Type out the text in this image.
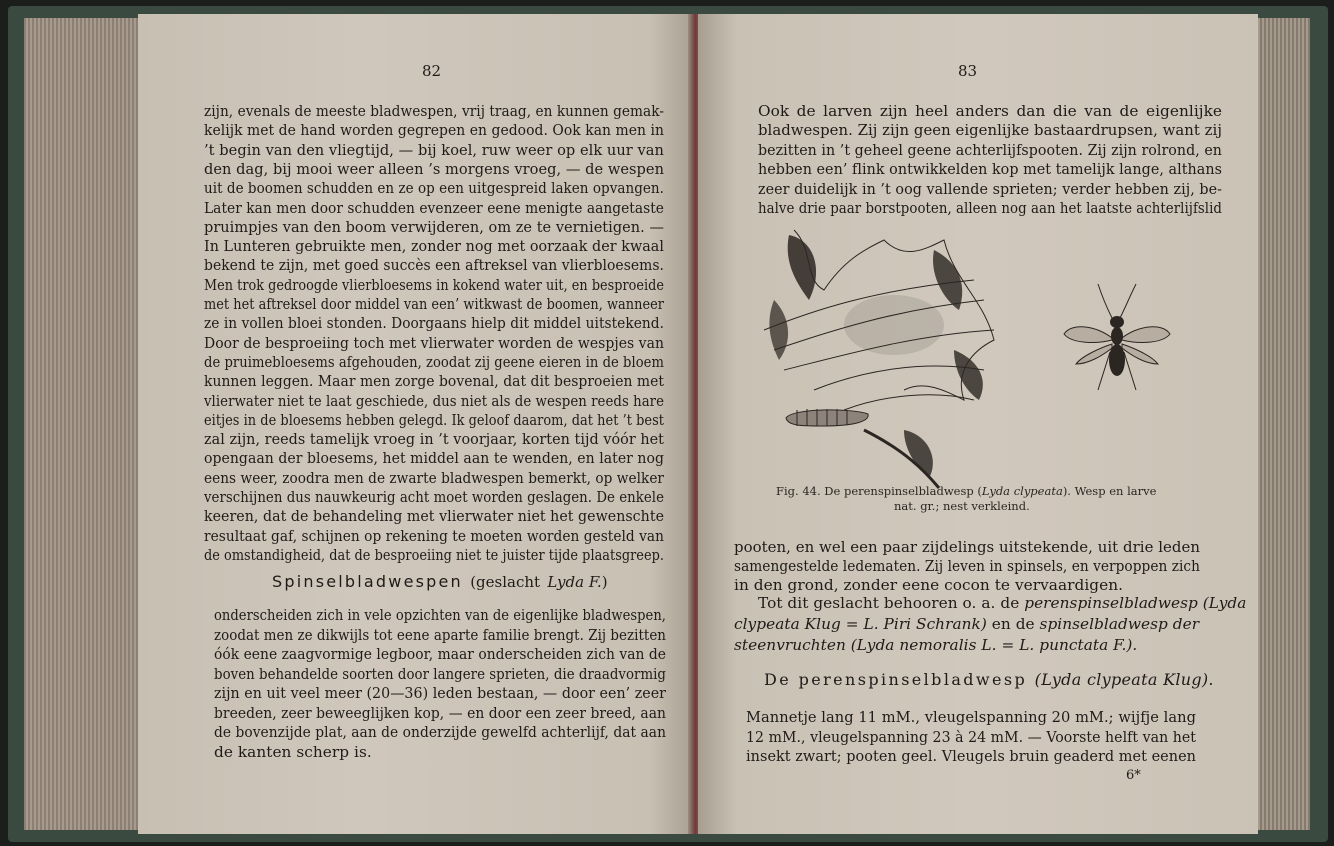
82
zijn, evenals de meeste bladwespen, vrij traag, en kunnen gemak-
kelijk met de hand worden gegrepen en gedood. Ook kan men in
’t begin van den vliegtijd, — bij koel, ruw weer op elk uur van
den dag, bij mooi weer alleen ’s morgens vroeg, — de wespen
uit de boomen schudden en ze op een uitgespreid laken opvangen.
Later kan men door schudden evenzeer eene menigte aangetaste
pruimpjes van den boom verwijderen, om ze te vernietigen. —
In Lunteren gebruikte men, zonder nog met oorzaak der kwaal
bekend te zijn, met goed succès een aftreksel van vlierbloesems.
Men trok gedroogde vlierbloesems in kokend water uit, en besproeide
met het aftreksel door middel van een’ witkwast de boomen, wanneer
ze in vollen bloei stonden. Doorgaans hielp dit middel uitstekend.
Door de besproeiing toch met vlierwater worden de wespjes van
de pruimebloesems afgehouden, zoodat zij geene eieren in de bloem
kunnen leggen. Maar men zorge bovenal, dat dit besproeien met
vlierwater niet te laat geschiede, dus niet als de wespen reeds hare
eitjes in de bloesems hebben gelegd. Ik geloof daarom, dat het ’t best
zal zijn, reeds tamelijk vroeg in ’t voorjaar, korten tijd vóór het
opengaan der bloesems, het middel aan te wenden, en later nog
eens weer, zoodra men de zwarte bladwespen bemerkt, op welker
verschijnen dus nauwkeurig acht moet worden geslagen. De enkele
keeren, dat de behandeling met vlierwater niet het gewenschte
resultaat gaf, schijnen op rekening te moeten worden gesteld van
de omstandigheid, dat de besproeiing niet te juister tijde plaatsgreep.
Spinselbladwespen (geslacht Lyda F.)
onderscheiden zich in vele opzichten van de eigenlijke bladwespen,
zoodat men ze dikwijls tot eene aparte familie brengt. Zij bezitten
óók eene zaagvormige legboor, maar onderscheiden zich van de
boven behandelde soorten door langere sprieten, die draadvormig
zijn en uit veel meer (20—36) leden bestaan, — door een’ zeer
breeden, zeer beweeglijken kop, — en door een zeer breed, aan
de bovenzijde plat, aan de onderzijde gewelfd achterlijf, dat aan
de kanten scherp is.
83
Ook de larven zijn heel anders dan die van de eigenlijke
bladwespen. Zij zijn geen eigenlijke bastaardrupsen, want zij
bezitten in ’t geheel geene achterlijfspooten. Zij zijn rolrond, en
hebben een’ flink ontwikkelden kop met tamelijk lange, althans
zeer duidelijk in ’t oog vallende sprieten; verder hebben zij, be-
halve drie paar borstpooten, alleen nog aan het laatste achterlijfslid
Fig. 44. De perenspinselbladwesp (Lyda clypeata). Wesp en larve
nat. gr.; nest verkleind.
pooten, en wel een paar zijdelings uitstekende, uit drie leden
samengestelde ledematen. Zij leven in spinsels, en verpoppen zich
in den grond, zonder eene cocon te vervaardigen.
Tot dit geslacht behooren o. a. de perenspinselbladwesp (Lyda
clypeata Klug = L. Piri Schrank) en de spinselbladwesp der
steenvruchten (Lyda nemoralis L. = L. punctata F.).
De perenspinselbladwesp (Lyda clypeata Klug).
Mannetje lang 11 mM., vleugelspanning 20 mM.; wijfje lang
12 mM., vleugelspanning 23 à 24 mM. — Voorste helft van het
insekt zwart; pooten geel. Vleugels bruin geaderd met eenen
6*
